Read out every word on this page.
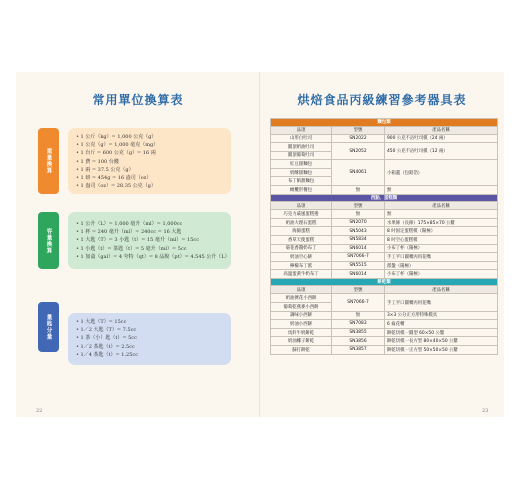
常用單位換算表
重量換算
• 1 公斤（kg）= 1,000 公克（g）
• 1 公克（g）= 1,000 毫克（mg）
• 1 台斤 = 600 公克（g）= 16 兩
• 1 費 = 100 台錢
• 1 兩 = 37.5 公克（g）
• 1 磅 = 454g = 16 盎司（oz）
• 1 盎司（oz）= 28.35 公克（g）
容量換算
• 1 公升（L）= 1,000 毫升（ml）= 1,000cc
• 1 杯 = 240 毫升（ml）= 240cc = 16 大匙
• 1 大匙（T）= 3 小匙（t）= 15 毫升（ml）= 15cc
• 1 小匙（t）= 茶匙（t）= 5 毫升（ml）= 5cc
• 1 加侖（gal）= 4 夸特（qt）= 8 品脫（pt）= 4.545 公升（L）
量匙分量	• 1 大匙（T）= 15cc
• 1／2 大匙（T）= 7.5cc
• 1 茶（小）匙（t）= 5cc
• 1／2 茶匙（t）= 2.5cc
• 1／4 茶匙（t）= 1.25cc
22
烘焙食品丙級練習參考器具表
23
麵包類		
品項	型號	產品名稱
山形白吐司	SN2022	900 公克不沾吐司模（24 兩）
圓頂奶油吐司	SN2052	450 公克不沾吐司模（12 兩）
圓頂葡萄吐司		
紅豆甜麵包	SN4061	小箱蓋（包鋁箔）
奶酥甜麵包		
布丁餡甜麵包		
橄欖形餐包	無	無
西點、蛋糕類		
品項	型號	產品名稱
巧克力戚風蛋糕捲	無	無
奶油大理石蛋糕	SN2070	水果條（長條）175×85×70 公釐
海綿蛋糕	SN5043	8 吋固定蛋糕模（陽極）
香草天使蛋糕	SN5834	8 吋空心蛋糕模
菊花香醬奶布丁	SN6014	小布丁杯（陽極）
奶油空心餅	SN7066-7	手工平口圓嘴丙用花嘴
檸檬布丁派	SN5515	派盤（陽極）
高溫蛋黃牛奶布丁	SN6014	小布丁杯（陽極）
餅乾類		
品項	型號	產品名稱
奶油擠花小西餅	SN7066-7	手工平口圓嘴丙用花嘴
葡萄乾燕麥小西餅		
調味小西餅	無	3×3 公分正方形特殊模具
奶油小西餅	SN7083	6 齒花嘴
馬鈴牛奶餅乾	SN3855	餅乾切模一圓型 60×50 公釐
奶油椰子餅乾	SN3856	餅乾切模一長方型 80×40×50 公釐
蘇打餅乾	SN3857	餅乾切模一正方型 50×50×50 公釐
